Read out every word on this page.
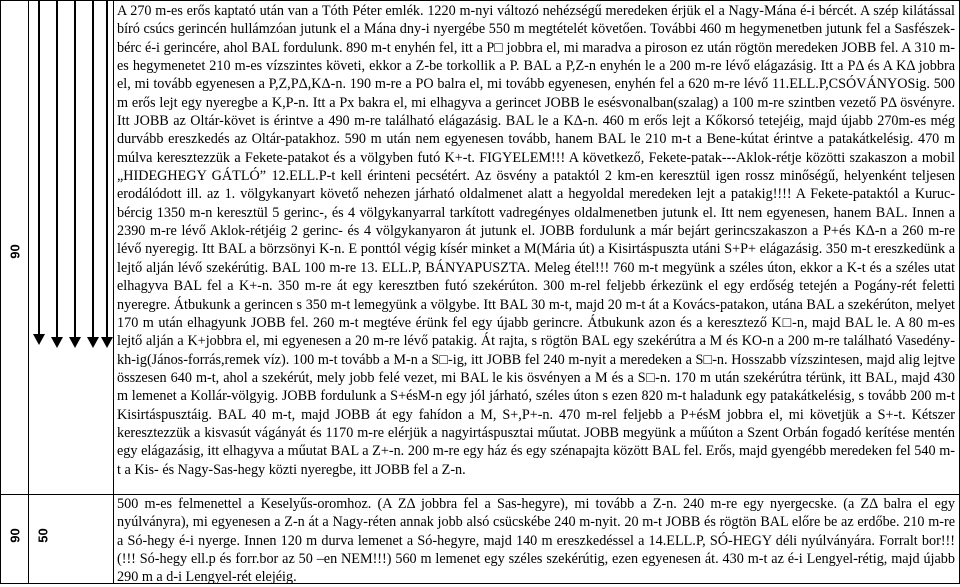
90
90 50

A 270 m-es erős kaptató után van a Tóth Péter emlék. 1220 m-nyi változó nehézségű meredeken érjük el a Nagy-Mána é-i bércét. A szép kilátással bíró csúcs gerincén hullámzóan jutunk el a Mána dny-i nyergébe 550 m megtételét követően. További 460 m hegymenetben jutunk fel a Sasfészek-bérc é-i gerincére, ahol BAL fordulunk. 890 m-t enyhén fel, itt a P□ jobbra el, mi maradva a piroson ez után rögtön meredeken JOBB fel. A 310 m-es hegymenetet 210 m-es vízszintes követi, ekkor a Z-be torkollik a P. BAL a P,Z-n enyhén le a 200 m-re lévő elágazásig. Itt a PΔ és A KΔ jobbra el, mi tovább egyenesen a P,Z,PΔ,KΔ-n. 190 m-re a PO balra el, mi tovább egyenesen, enyhén fel a 620 m-re lévő 11.ELL.P,CSÓVÁNYOSig. 500 m erős lejt egy nyeregbe a K,P-n. Itt a Px bakra el, mi elhagyva a gerincet JOBB le esésvonalban(szalag) a 100 m-re szintben vezető PΔ ösvényre. Itt JOBB az Oltár-követ is érintve a 490 m-re található elágazásig. BAL le a KΔ-n. 460 m erős lejt a Kőkorsó tetejéig, majd újabb 270m-es még durvább ereszkedés az Oltár-patakhoz. 590 m után nem egyenesen tovább, hanem BAL le 210 m-t a Bene-kútat érintve a patakátkelésig. 470 m múlva keresztezzük a Fekete-patakot és a völgyben futó K+-t. FIGYELEM!!! A következő, Fekete-patak---Aklok-rétje közötti szakaszon a mobil „HIDEGHEGY GÁTLÓ” 12.ELL.P-t kell érinteni pecsétért. Az ösvény a pataktól 2 km-en keresztül igen rossz minőségű, helyenként teljesen erodálódott ill. az 1. völgykanyart követő nehezen járható oldalmenet alatt a hegyoldal meredeken lejt a patakig!!!! A Fekete-pataktól a Kuruc-bércig 1350 m-n keresztül 5 gerinc-, és 4 völgykanyarral tarkított vadregényes oldalmenetben jutunk el. Itt nem egyenesen, hanem BAL. Innen a 2390 m-re lévő Aklok-rétjéig 2 gerinc- és 4 völgykanyaron át jutunk el. JOBB fordulunk a már bejárt gerincszakaszon a P+és KΔ-n a 260 m-re lévő nyeregig. Itt BAL a börzsönyi K-n. E ponttól végig kísér minket a M(Mária út) a Kisirtáspuszta utáni S+P+ elágazásig. 350 m-t ereszkedünk a lejtő alján lévő szekérútig. BAL 100 m-re 13. ELL.P, BÁNYAPUSZTA. Meleg étel!!! 760 m-t megyünk a széles úton, ekkor a K-t és a széles utat elhagyva BAL fel a K+-n. 350 m-re át egy keresztben futó szekérúton. 300 m-rel feljebb érkezünk el egy erdőség tetején a Pogány-rét feletti nyeregre. Átbukunk a gerincen s 350 m-t lemegyünk a völgybe. Itt BAL 30 m-t, majd 20 m-t át a Kovács-patakon, utána BAL a szekérúton, melyet 170 m után elhagyunk JOBB fel. 260 m-t megtéve érünk fel egy újabb gerincre. Átbukunk azon és a keresztező K□-n, majd BAL le. A 80 m-es lejtő alján a K+jobbra el, mi egyenesen a 20 m-re lévő patakig. Át rajta, s rögtön BAL egy szekérútra a M és KO-n a 200 m-re található Vasedény-kh-ig(János-forrás,remek víz). 100 m-t tovább a M-n a S□-ig, itt JOBB fel 240 m-nyit a meredeken a S□-n. Hosszabb vízszintesen, majd alig lejtve összesen 640 m-t, ahol a szekérút, mely jobb felé vezet, mi BAL le kis ösvényen a M és a S□-n. 170 m után szekérútra térünk, itt BAL, majd 430 m lemenet a Kollár-völgyig. JOBB fordulunk a S+ésM-n egy jól járható, széles úton s ezen 820 m-t haladunk egy patakátkelésig, s tovább 200 m-t Kisirtáspusztáig. BAL 40 m-t, majd JOBB át egy fahídon a M, S+,P+-n. 470 m-rel feljebb a P+ésM jobbra el, mi követjük a S+-t. Kétszer keresztezzük a kisvasút vágányát és 1170 m-re elérjük a nagyirtáspusztai műutat. JOBB megyünk a műúton a Szent Orbán fogadó kerítése mentén egy elágazásig, itt elhagyva a műutat BAL a Z+-n. 200 m-re egy ház és egy szénapajta között BAL fel. Erős, majd gyengébb meredeken fel 540 m-t a Kis- és Nagy-Sas-hegy közti nyeregbe, itt JOBB fel a Z-n.

500 m-es felmenettel a Keselyűs-oromhoz. (A ZΔ jobbra fel a Sas-hegyre), mi tovább a Z-n. 240 m-re egy nyergecske. (a ZΔ balra el egy nyúlványra), mi egyenesen a Z-n át a Nagy-réten annak jobb alsó csücskébe 240 m-nyit. 20 m-t JOBB és rögtön BAL előre be az erdőbe. 210 m-re a Só-hegy é-i nyerge. Innen 120 m durva lemenet a Só-hegyre, majd 140 m ereszkedéssel a 14.ELL.P, SÓ-HEGY déli nyúlványára. Forralt bor!!! (!!! Só-hegy ell.p és forr.bor az 50 –en NEM!!!) 560 m lemenet egy széles szekérútig, ezen egyenesen át. 430 m-t az é-i Lengyel-rétig, majd újabb 290 m a d-i Lengyel-rét elejéig.
